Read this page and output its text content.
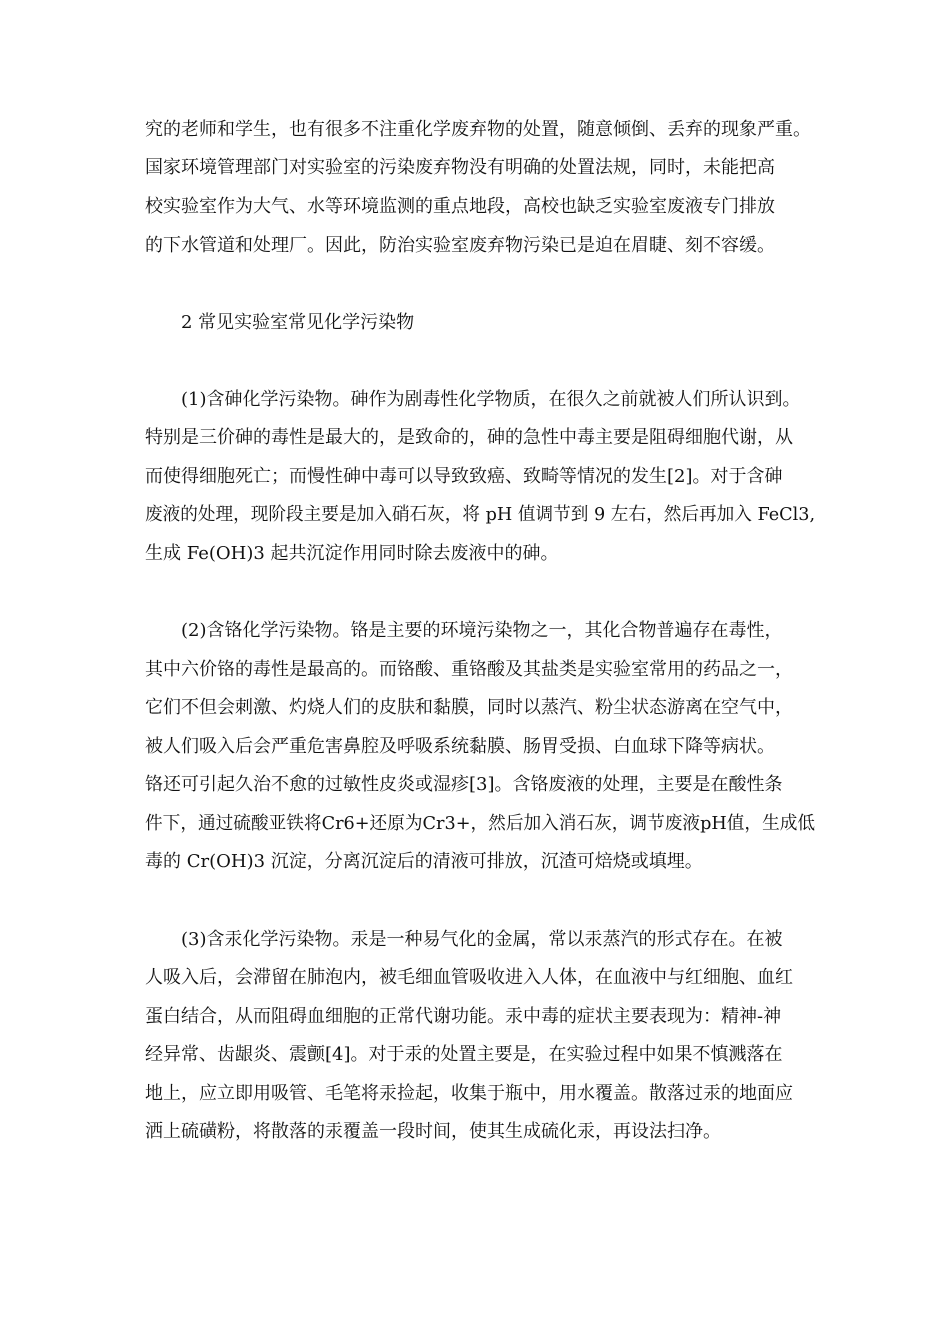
究的老师和学生，也有很多不注重化学废弃物的处置，随意倾倒、丢弃的现象严重。
国家环境管理部门对实验室的污染废弃物没有明确的处置法规，同时，未能把高
校实验室作为大气、水等环境监测的重点地段，高校也缺乏实验室废液专门排放
的下水管道和处理厂。因此，防治实验室废弃物污染已是迫在眉睫、刻不容缓。
2 常见实验室常见化学污染物
(1)含砷化学污染物。砷作为剧毒性化学物质，在很久之前就被人们所认识到。
特别是三价砷的毒性是最大的，是致命的，砷的急性中毒主要是阻碍细胞代谢，从
而使得细胞死亡；而慢性砷中毒可以导致致癌、致畸等情况的发生[2]。对于含砷
废液的处理，现阶段主要是加入硝石灰，将 pH 值调节到 9 左右，然后再加入 FeCl3,
生成 Fe(OH)3 起共沉淀作用同时除去废液中的砷。
(2)含铬化学污染物。铬是主要的环境污染物之一，其化合物普遍存在毒性，
其中六价铬的毒性是最高的。而铬酸、重铬酸及其盐类是实验室常用的药品之一，
它们不但会刺激、灼烧人们的皮肤和黏膜，同时以蒸汽、粉尘状态游离在空气中，
被人们吸入后会严重危害鼻腔及呼吸系统黏膜、肠胃受损、白血球下降等病状。
铬还可引起久治不愈的过敏性皮炎或湿疹[3]。含铬废液的处理，主要是在酸性条
件下，通过硫酸亚铁将Cr6+还原为Cr3+，然后加入消石灰，调节废液pH值，生成低
毒的 Cr(OH)3 沉淀，分离沉淀后的清液可排放，沉渣可焙烧或填埋。
(3)含汞化学污染物。汞是一种易气化的金属，常以汞蒸汽的形式存在。在被
人吸入后，会滞留在肺泡内，被毛细血管吸收进入人体，在血液中与红细胞、血红
蛋白结合，从而阻碍血细胞的正常代谢功能。汞中毒的症状主要表现为：精神-神
经异常、齿龈炎、震颤[4]。对于汞的处置主要是，在实验过程中如果不慎溅落在
地上，应立即用吸管、毛笔将汞捡起，收集于瓶中，用水覆盖。散落过汞的地面应
洒上硫磺粉，将散落的汞覆盖一段时间，使其生成硫化汞，再设法扫净。
